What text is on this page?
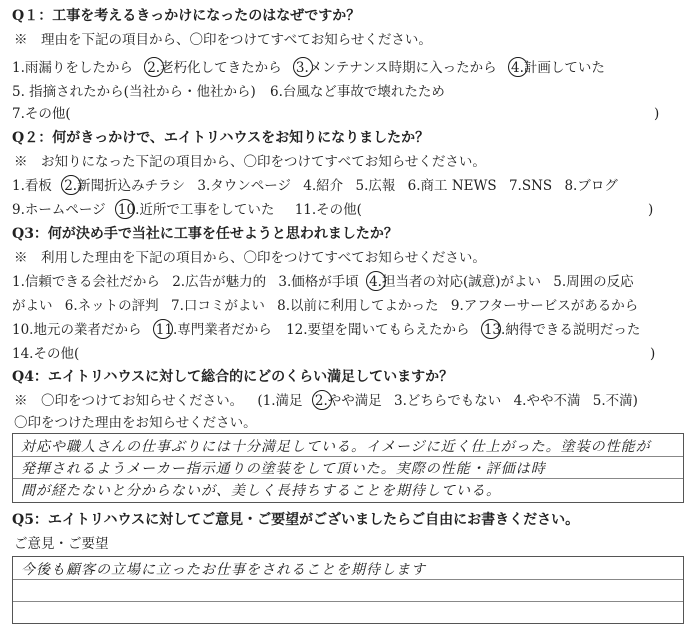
Q１：工事を考えるきっかけになったのはなぜですか？
※　理由を下記の項目から、〇印をつけてすべてお知らせください。
1.雨漏りをしたから 2.老朽化してきたから 3.メンテナンス時期に入ったから 4.計画していた
5. 指摘されたから(当社から・他社から) 6.台風など事故で壊れたため
7.その他(	)
Q２：何がきっかけで、エイトリハウスをお知りになりましたか？
※　お知りになった下記の項目から、〇印をつけてすべてお知らせください。
1.看板 2.新聞折込みチラシ 3.タウンページ 4.紹介 5.広報 6.商工 NEWS 7.SNS 8.ブログ
9.ホームページ 10.近所で工事をしていた 11.その他(	)
Q3：何が決め手で当社に工事を任せようと思われましたか？
※　利用した理由を下記の項目から、〇印をつけてすべてお知らせください。
1.信頼できる会社だから 2.広告が魅力的 3.価格が手頃 4.担当者の対応(誠意)がよい 5.周囲の反応
がよい 6.ネットの評判 7.口コミがよい 8.以前に利用してよかった 9.アフターサービスがあるから
10.地元の業者だから 11.専門業者だから 12.要望を聞いてもらえたから 13.納得できる説明だった
14.その他(	)
Q4：エイトリハウスに対して総合的にどのくらい満足していますか？
※　〇印をつけてお知らせください。 (1.満足 2.やや満足 3.どちらでもない 4.やや不満 5.不満)
〇印をつけた理由をお知らせください。
対応や職人さんの仕事ぶりには十分満足している。イメージに近く仕上がった。塗装の性能が
発揮されるようメーカー指示通りの塗装をして頂いた。実際の性能・評価は時
間が経たないと分からないが、美しく長持ちすることを期待している。
Q5：エイトリハウスに対してご意見・ご要望がございましたらご自由にお書きください。
ご意見・ご要望
今後も顧客の立場に立ったお仕事をされることを期待します
